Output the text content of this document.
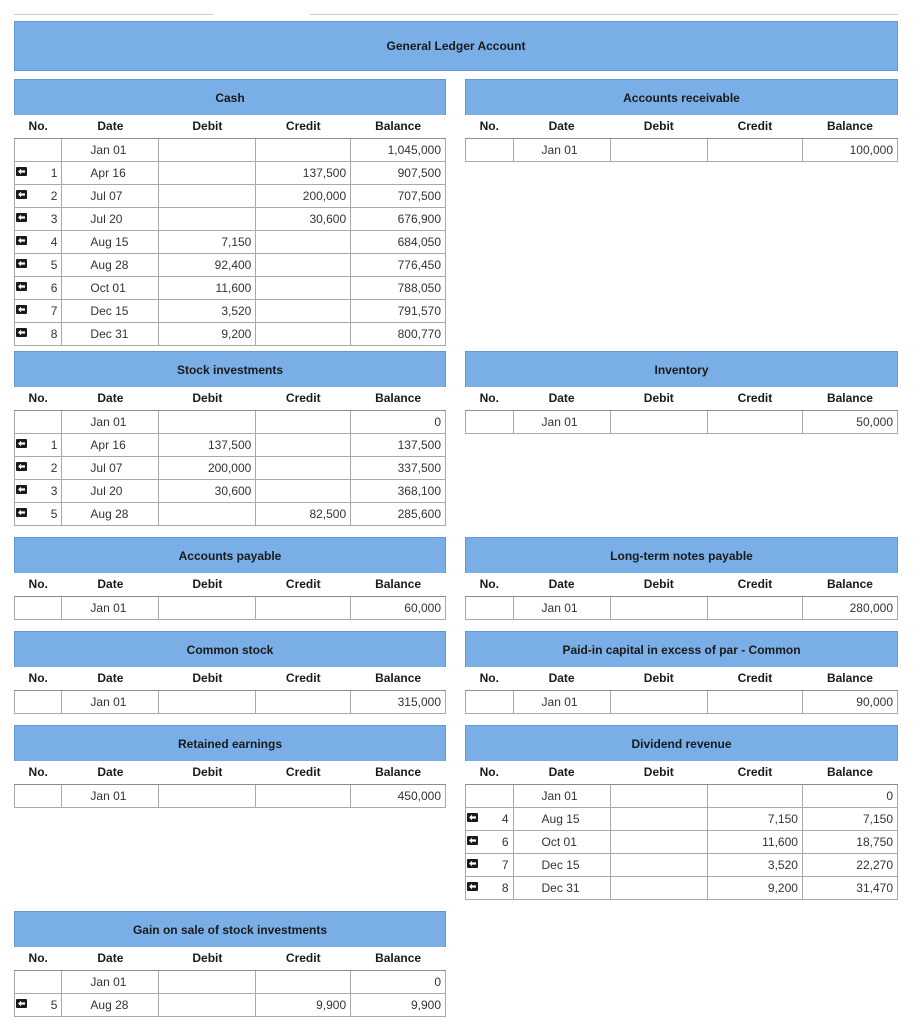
General Ledger Account
Cash
No.	Date	Debit	Credit	Balance
	Jan 01			1,045,000

1	Apr 16		137,500	907,500

2	Jul 07		200,000	707,500

3	Jul 20		30,600	676,900

4	Aug 15	7,150		684,050

5	Aug 28	92,400		776,450

6	Oct 01	11,600		788,050

7	Dec 15	3,520		791,570

8	Dec 31	9,200		800,770
Accounts receivable
No.	Date	Debit	Credit	Balance
	Jan 01			100,000
Stock investments
No.	Date	Debit	Credit	Balance
	Jan 01			0

1	Apr 16	137,500		137,500

2	Jul 07	200,000		337,500

3	Jul 20	30,600		368,100

5	Aug 28		82,500	285,600
Inventory
No.	Date	Debit	Credit	Balance
	Jan 01			50,000
Accounts payable
No.	Date	Debit	Credit	Balance
	Jan 01			60,000
Long-term notes payable
No.	Date	Debit	Credit	Balance
	Jan 01			280,000
Common stock
No.	Date	Debit	Credit	Balance
	Jan 01			315,000
Paid-in capital in excess of par - Common
No.	Date	Debit	Credit	Balance
	Jan 01			90,000
Retained earnings
No.	Date	Debit	Credit	Balance
	Jan 01			450,000
Dividend revenue
No.	Date	Debit	Credit	Balance
	Jan 01			0

4	Aug 15		7,150	7,150

6	Oct 01		11,600	18,750

7	Dec 15		3,520	22,270

8	Dec 31		9,200	31,470
Gain on sale of stock investments
No.	Date	Debit	Credit	Balance
	Jan 01			0

5	Aug 28		9,900	9,900
